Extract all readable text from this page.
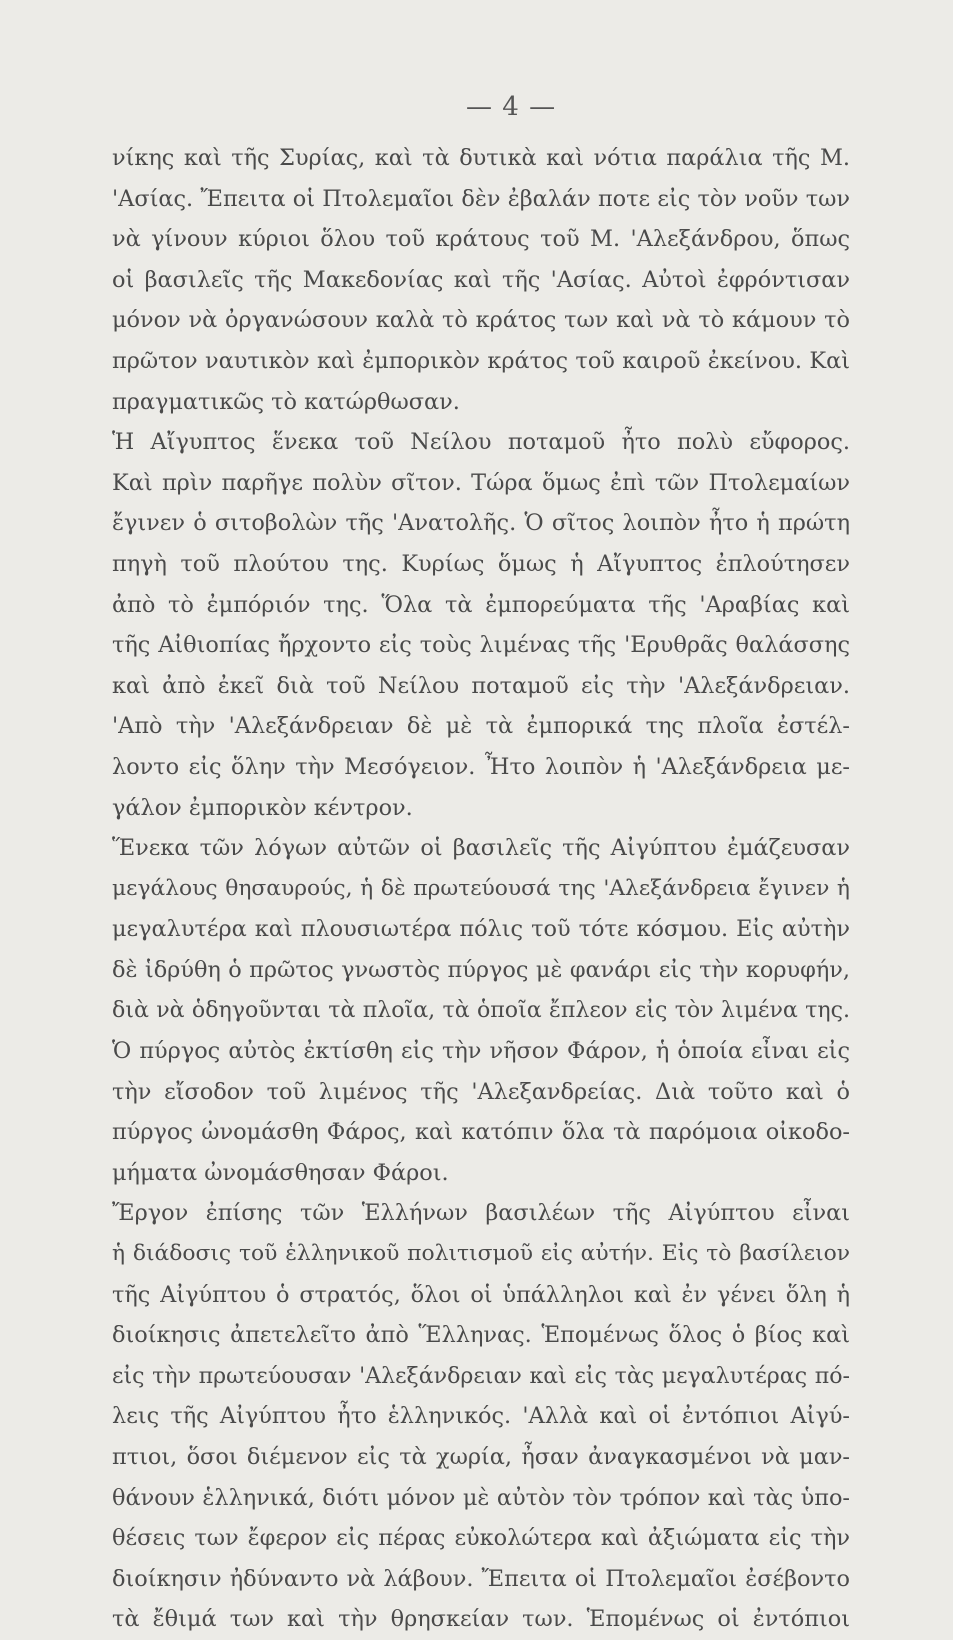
— 4 —
νίκης καὶ τῆς Συρίας, καὶ τὰ δυτικὰ καὶ νότια παράλια τῆς Μ.
'Ασίας. Ἔπειτα οἱ Πτολεμαῖοι δὲν ἐβαλάν ποτε εἰς τὸν νοῦν των
νὰ γίνουν κύριοι ὅλου τοῦ κράτους τοῦ Μ. 'Αλεξάνδρου, ὅπως
οἱ βασιλεῖς τῆς Μακεδονίας καὶ τῆς 'Ασίας. Αὐτοὶ ἐφρόντισαν
μόνον νὰ ὀργανώσουν καλὰ τὸ κράτος των καὶ νὰ τὸ κάμουν τὸ
πρῶτον ναυτικὸν καὶ ἐμπορικὸν κράτος τοῦ καιροῦ ἐκείνου. Καὶ
πραγματικῶς τὸ κατώρθωσαν.
Ἡ Αἴγυπτος ἕνεκα τοῦ Νείλου ποταμοῦ ἦτο πολὺ εὔφορος.
Καὶ πρὶν παρῆγε πολὺν σῖτον. Τώρα ὅμως ἐπὶ τῶν Πτολεμαίων
ἔγινεν ὁ σιτοβολὼν τῆς 'Ανατολῆς. Ὁ σῖτος λοιπὸν ἦτο ἡ πρώτη
πηγὴ τοῦ πλούτου της. Κυρίως ὅμως ἡ Αἴγυπτος ἐπλούτησεν
ἀπὸ τὸ ἐμπόριόν της. Ὅλα τὰ ἐμπορεύματα τῆς 'Αραβίας καὶ
τῆς Αἰθιοπίας ἤρχοντο εἰς τοὺς λιμένας τῆς 'Ερυθρᾶς θαλάσσης
καὶ ἀπὸ ἐκεῖ διὰ τοῦ Νείλου ποταμοῦ εἰς τὴν 'Αλεξάνδρειαν.
'Απὸ τὴν 'Αλεξάνδρειαν δὲ μὲ τὰ ἐμπορικά της πλοῖα ἐστέλ-
λοντο εἰς ὅλην τὴν Μεσόγειον. Ἦτο λοιπὸν ἡ 'Αλεξάνδρεια με-
γάλον ἐμπορικὸν κέντρον.
Ἕνεκα τῶν λόγων αὐτῶν οἱ βασιλεῖς τῆς Αἰγύπτου ἐμάζευσαν
μεγάλους θησαυρούς, ἡ δὲ πρωτεύουσά της 'Αλεξάνδρεια ἔγινεν ἡ
μεγαλυτέρα καὶ πλουσιωτέρα πόλις τοῦ τότε κόσμου. Εἰς αὐτὴν
δὲ ἱδρύθη ὁ πρῶτος γνωστὸς πύργος μὲ φανάρι εἰς τὴν κορυφήν,
διὰ νὰ ὁδηγοῦνται τὰ πλοῖα, τὰ ὁποῖα ἔπλεον εἰς τὸν λιμένα της.
Ὁ πύργος αὐτὸς ἐκτίσθη εἰς τὴν νῆσον Φάρον, ἡ ὁποία εἶναι εἰς
τὴν εἴσοδον τοῦ λιμένος τῆς 'Αλεξανδρείας. Διὰ τοῦτο καὶ ὁ
πύργος ὠνομάσθη Φάρος, καὶ κατόπιν ὅλα τὰ παρόμοια οἰκοδο-
μήματα ὠνομάσθησαν Φάροι.
Ἔργον ἐπίσης τῶν Ἑλλήνων βασιλέων τῆς Αἰγύπτου εἶναι
ἡ διάδοσις τοῦ ἑλληνικοῦ πολιτισμοῦ εἰς αὐτήν. Εἰς τὸ βασίλειον
τῆς Αἰγύπτου ὁ στρατός, ὅλοι οἱ ὑπάλληλοι καὶ ἐν γένει ὅλη ἡ
διοίκησις ἀπετελεῖτο ἀπὸ Ἕλληνας. Ἑπομένως ὅλος ὁ βίος καὶ
εἰς τὴν πρωτεύουσαν 'Αλεξάνδρειαν καὶ εἰς τὰς μεγαλυτέρας πό-
λεις τῆς Αἰγύπτου ἦτο ἑλληνικός. 'Αλλὰ καὶ οἱ ἐντόπιοι Αἰγύ-
πτιοι, ὅσοι διέμενον εἰς τὰ χωρία, ἦσαν ἀναγκασμένοι νὰ μαν-
θάνουν ἑλληνικά, διότι μόνον μὲ αὐτὸν τὸν τρόπον καὶ τὰς ὑπο-
θέσεις των ἔφερον εἰς πέρας εὐκολώτερα καὶ ἀξιώματα εἰς τὴν
διοίκησιν ἠδύναντο νὰ λάβουν. Ἔπειτα οἱ Πτολεμαῖοι ἐσέβοντο
τὰ ἔθιμά των καὶ τὴν θρησκείαν των. Ἑπομένως οἱ ἐντόπιοι
